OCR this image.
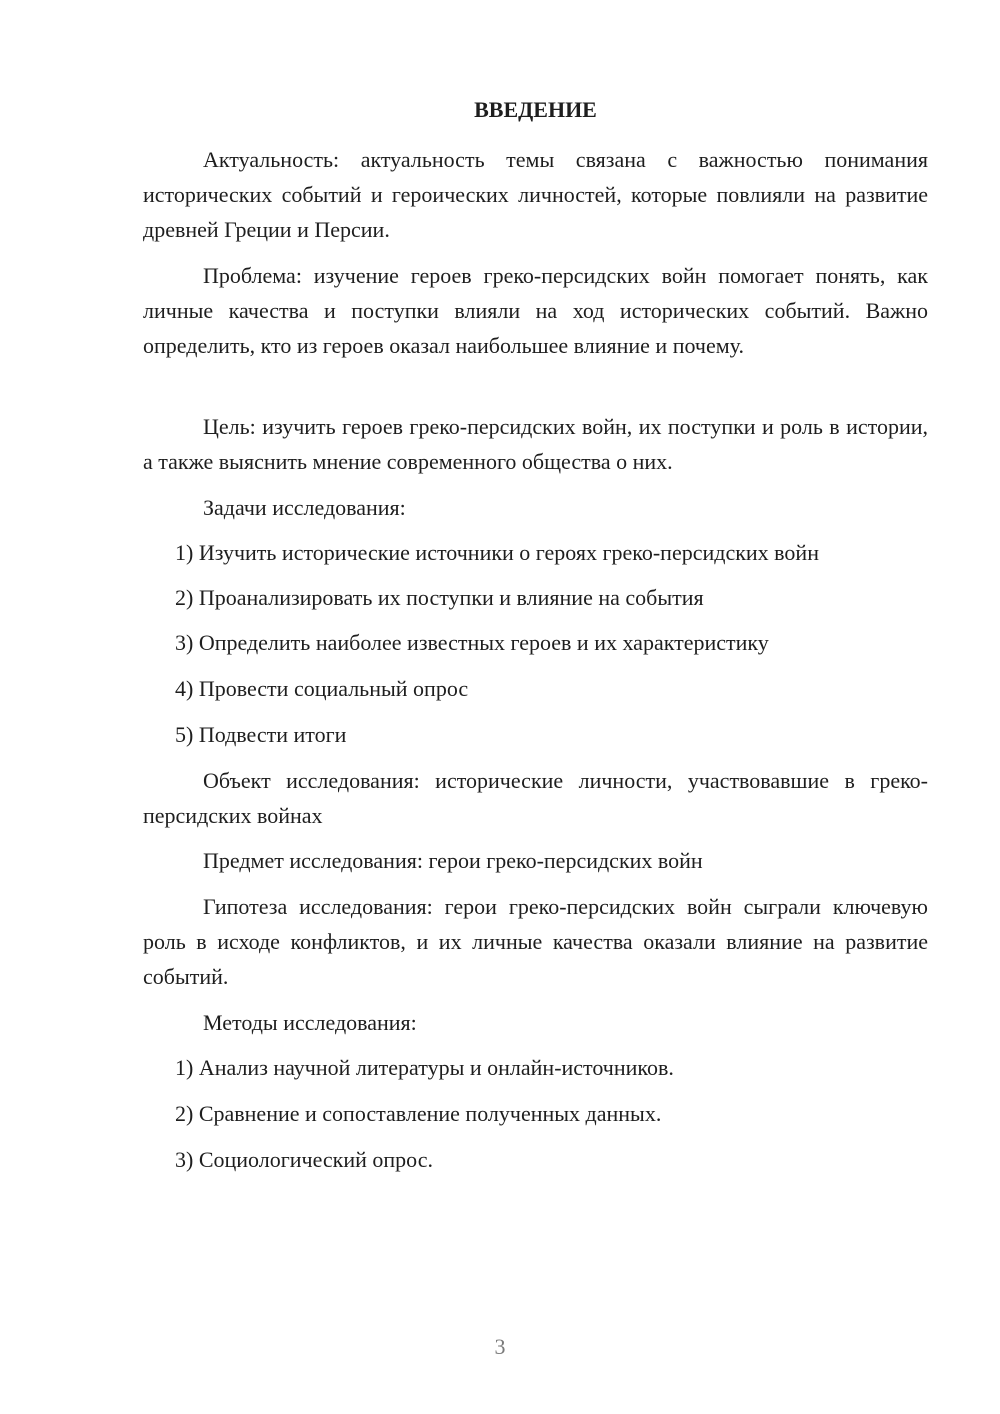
ВВЕДЕНИЕ

Актуальность: актуальность темы связана с важностью понимания исторических событий и героических личностей, которые повлияли на развитие древней Греции и Персии.

Проблема: изучение героев греко-персидских войн помогает понять, как личные качества и поступки влияли на ход исторических событий. Важно определить, кто из героев оказал наибольшее влияние и почему.

Цель: изучить героев греко-персидских войн, их поступки и роль в истории, а также выяснить мнение современного общества о них.

Задачи исследования:

1) Изучить исторические источники о героях греко-персидских войн

2) Проанализировать их поступки и влияние на события

3) Определить наиболее известных героев и их характеристику

4) Провести социальный опрос

5) Подвести итоги

Объект исследования: исторические личности, участвовавшие в греко-персидских войнах

Предмет исследования: герои греко-персидских войн

Гипотеза исследования: герои греко-персидских войн сыграли ключевую роль в исходе конфликтов, и их личные качества оказали влияние на развитие событий.

Методы исследования:

1) Анализ научной литературы и онлайн-источников.

2) Сравнение и сопоставление полученных данных.

3) Социологический опрос.

3
